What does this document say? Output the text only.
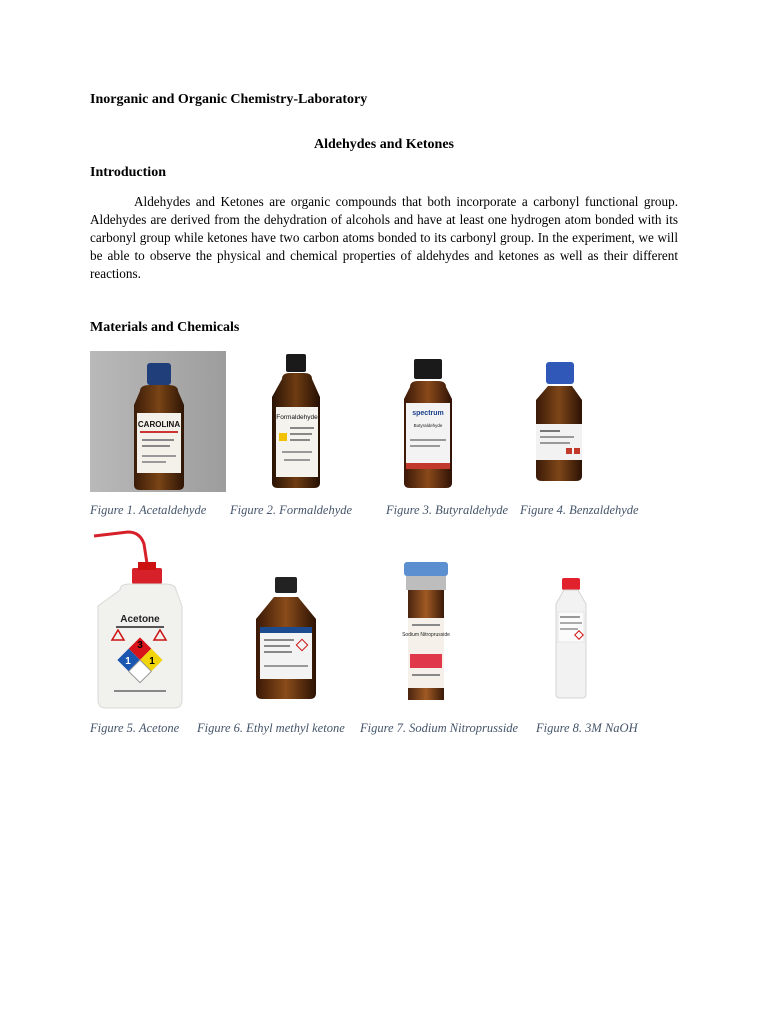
Inorganic and Organic Chemistry-Laboratory
Aldehydes and Ketones
Introduction
Aldehydes and Ketones are organic compounds that both incorporate a carbonyl functional group. Aldehydes are derived from the dehydration of alcohols and have at least one hydrogen atom bonded with its carbonyl group while ketones have two carbon atoms bonded to its carbonyl group. In the experiment, we will be able to observe the physical and chemical properties of aldehydes and ketones as well as their different reactions.
Materials and Chemicals
CAROLINA
Figure 1. Acetaldehyde
Formaldehyde
Figure 2. Formaldehyde
spectrum
Butyraldehyde
Figure 3. Butyraldehyde Figure 4. Benzaldehyde
Acetone
3
1 1
Figure 5. Acetone Figure 6. Ethyl methyl ketone
Sodium Nitroprusside
Figure 7. Sodium Nitroprusside Figure 8. 3M NaOH
